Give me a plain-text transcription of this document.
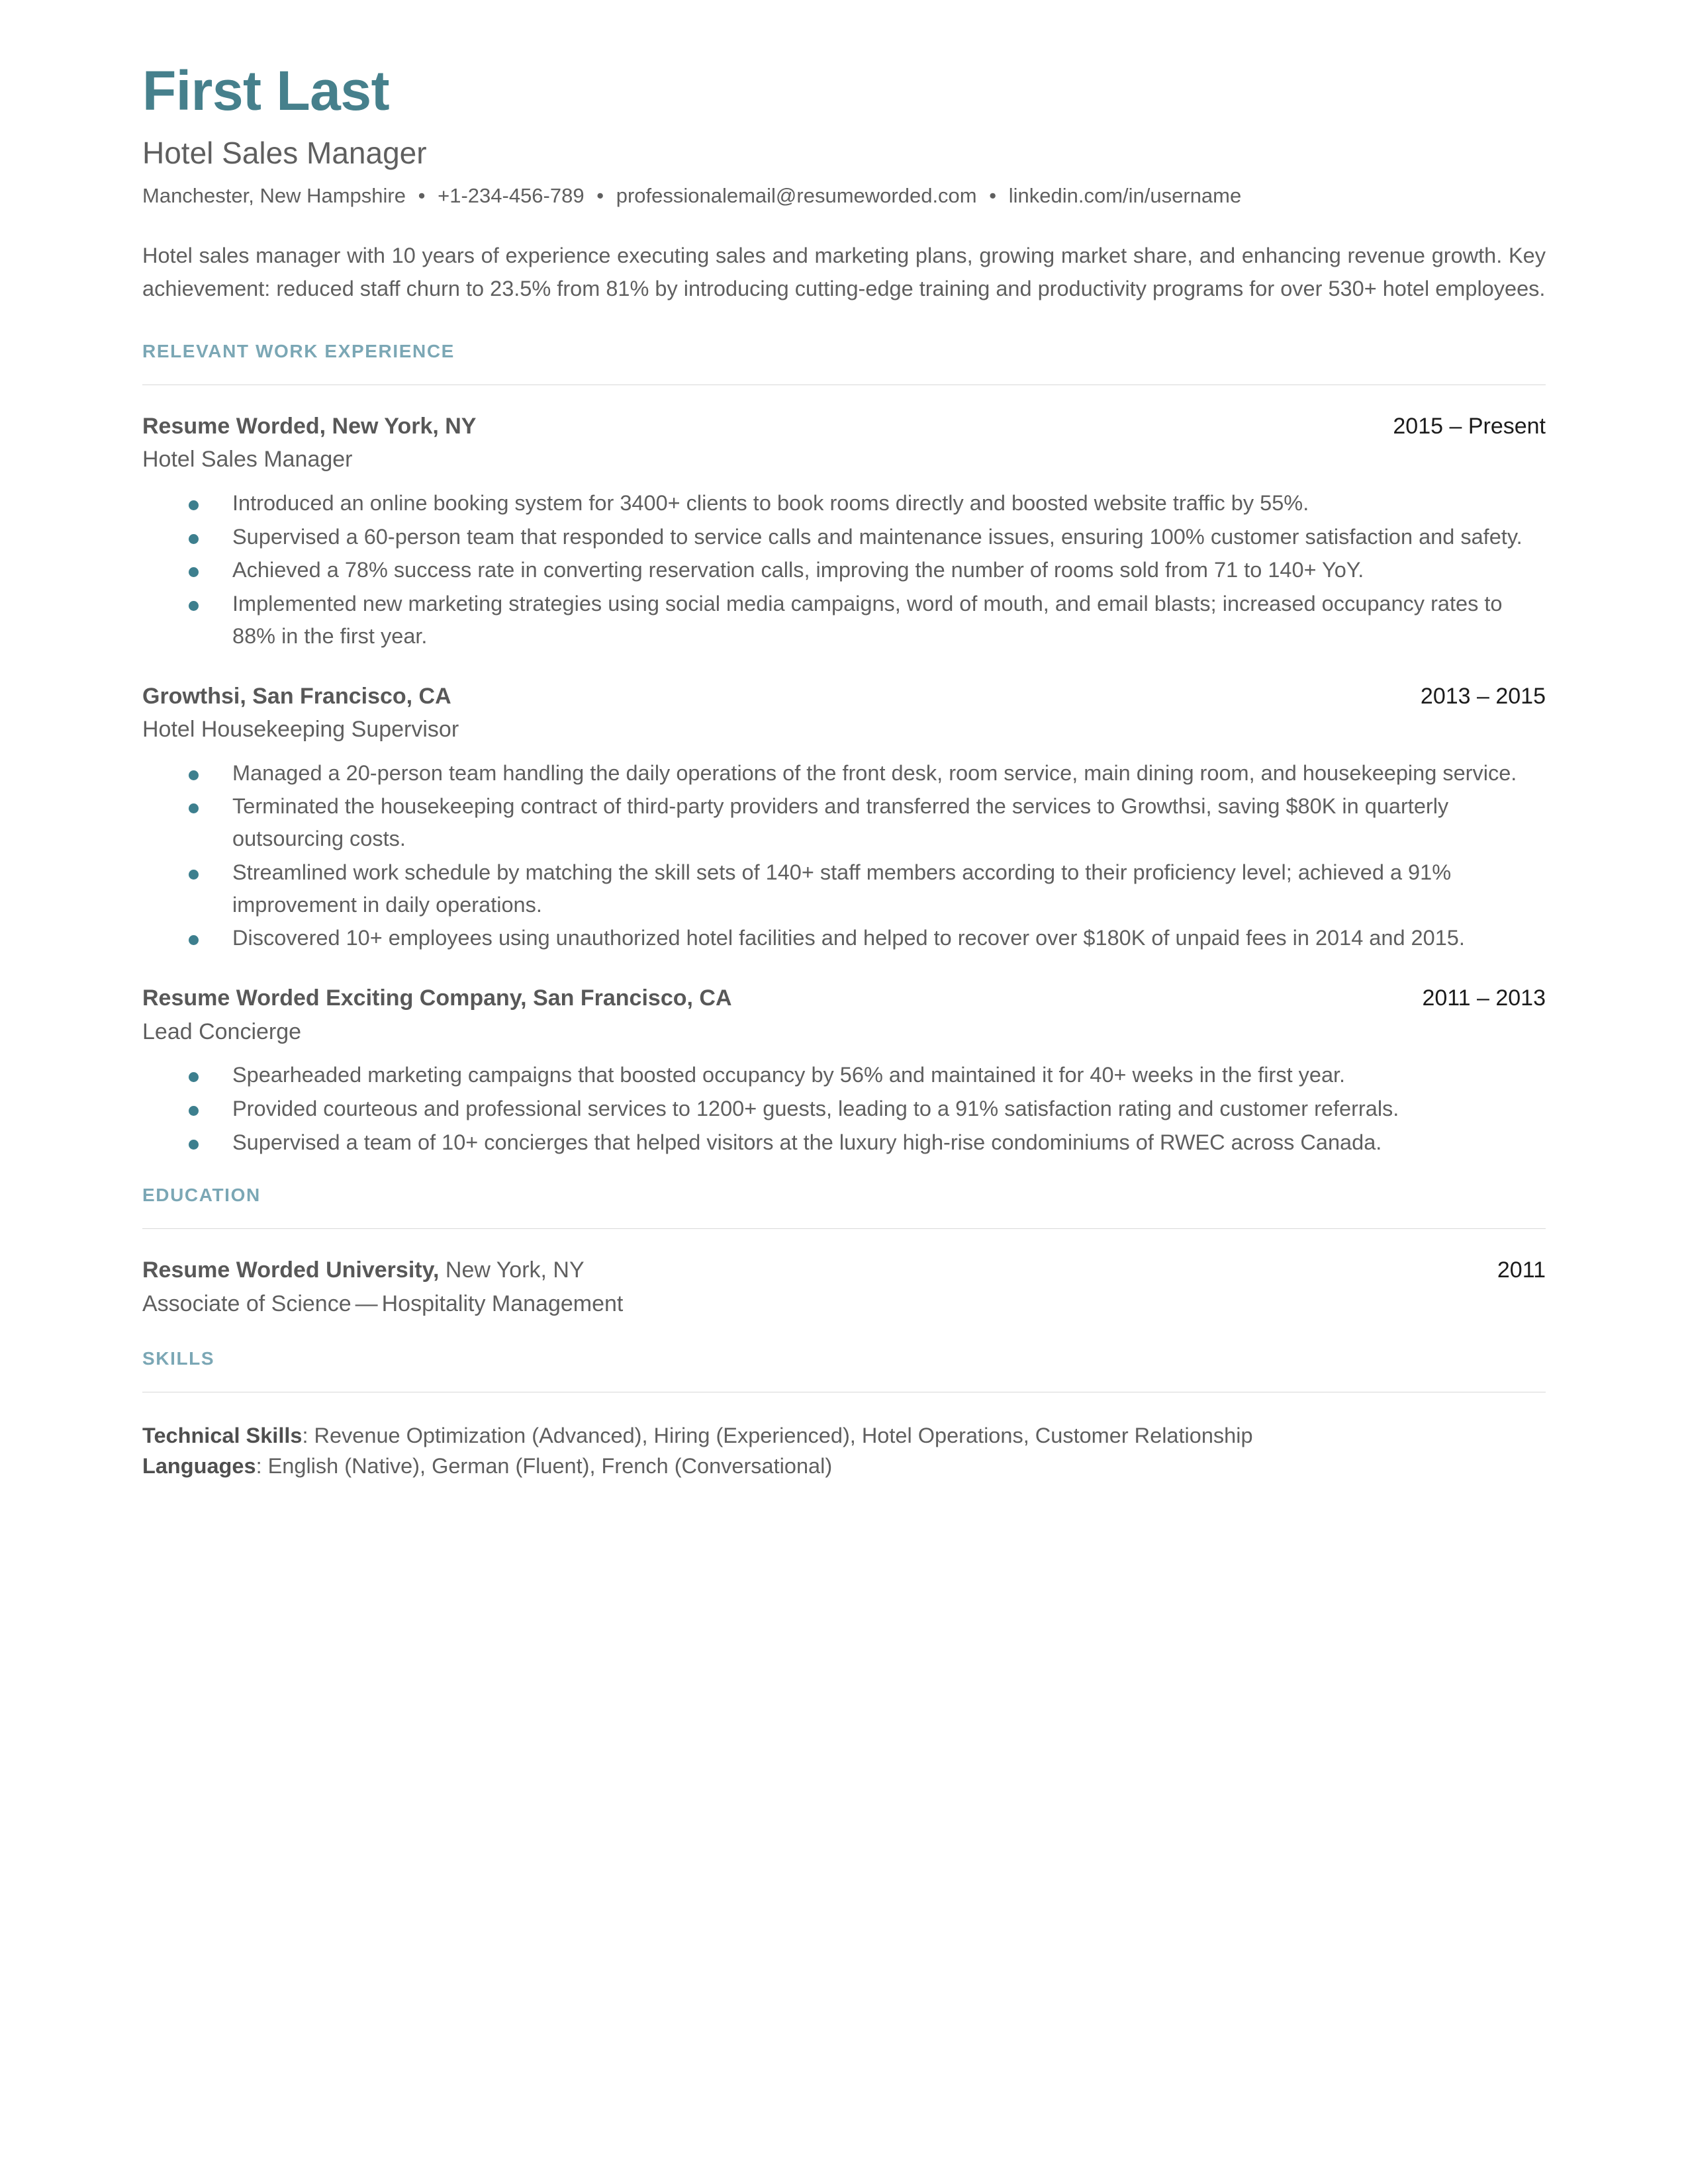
First Last
Hotel Sales Manager
Manchester, New Hampshire • +1-234-456-789 • professionalemail@resumeworded.com • linkedin.com/in/username
Hotel sales manager with 10 years of experience executing sales and marketing plans, growing market share, and enhancing revenue growth. Key achievement: reduced staff churn to 23.5% from 81% by introducing cutting-edge training and productivity programs for over 530+ hotel employees.
RELEVANT WORK EXPERIENCE
Resume Worded, New York, NY	2015 – Present
Hotel Sales Manager
Introduced an online booking system for 3400+ clients to book rooms directly and boosted website traffic by 55%.
Supervised a 60-person team that responded to service calls and maintenance issues, ensuring 100% customer satisfaction and safety.
Achieved a 78% success rate in converting reservation calls, improving the number of rooms sold from 71 to 140+ YoY.
Implemented new marketing strategies using social media campaigns, word of mouth, and email blasts; increased occupancy rates to 88% in the first year.
Growthsi, San Francisco, CA	2013 – 2015
Hotel Housekeeping Supervisor
Managed a 20-person team handling the daily operations of the front desk, room service, main dining room, and housekeeping service.
Terminated the housekeeping contract of third-party providers and transferred the services to Growthsi, saving $80K in quarterly outsourcing costs.
Streamlined work schedule by matching the skill sets of 140+ staff members according to their proficiency level; achieved a 91% improvement in daily operations.
Discovered 10+ employees using unauthorized hotel facilities and helped to recover over $180K of unpaid fees in 2014 and 2015.
Resume Worded Exciting Company, San Francisco, CA	2011 – 2013
Lead Concierge
Spearheaded marketing campaigns that boosted occupancy by 56% and maintained it for 40+ weeks in the first year.
Provided courteous and professional services to 1200+ guests, leading to a 91% satisfaction rating and customer referrals.
Supervised a team of 10+ concierges that helped visitors at the luxury high-rise condominiums of RWEC across Canada.
EDUCATION
Resume Worded University, New York, NY	2011
Associate of Science — Hospitality Management
SKILLS
Technical Skills: Revenue Optimization (Advanced), Hiring (Experienced), Hotel Operations, Customer Relationship
Languages: English (Native), German (Fluent), French (Conversational)
